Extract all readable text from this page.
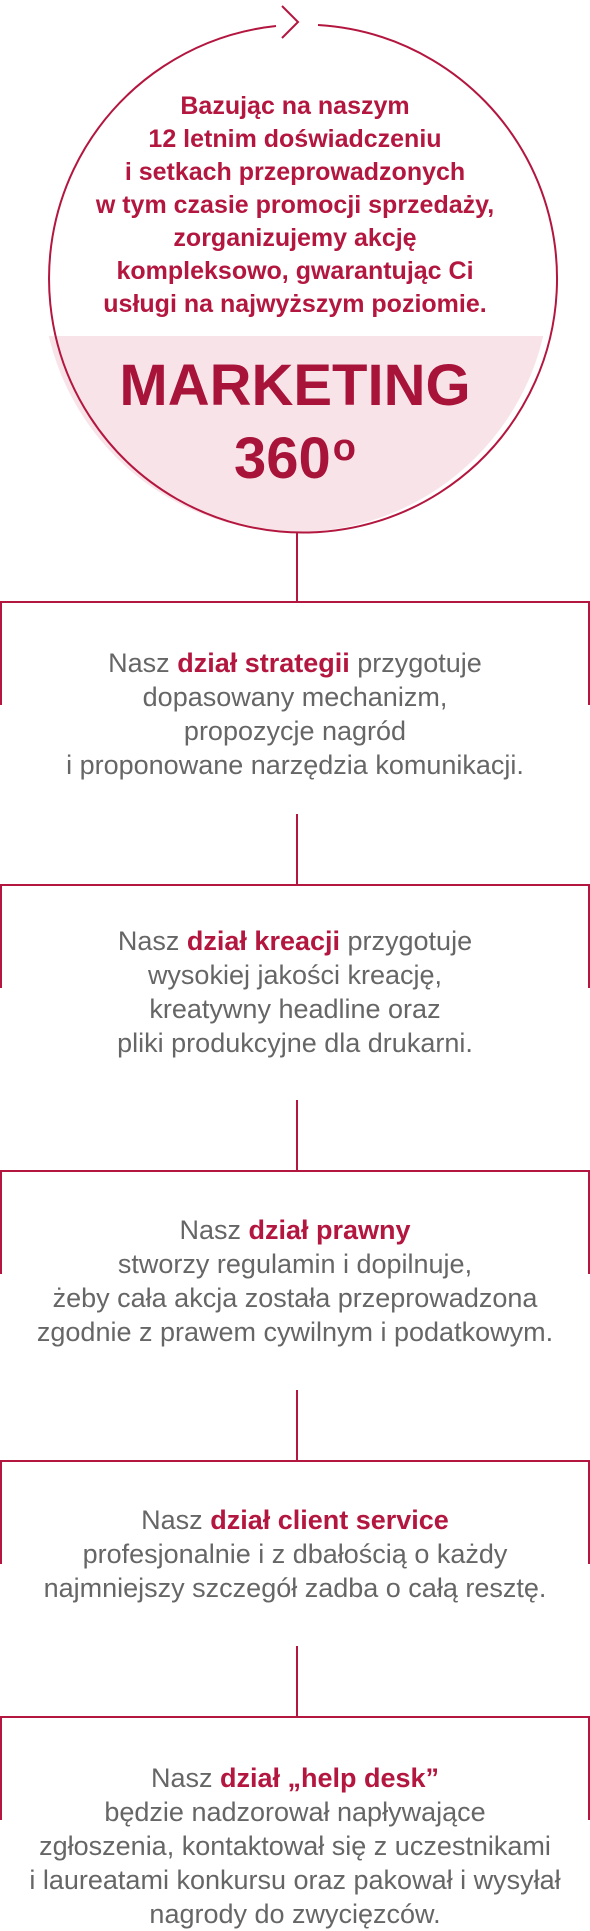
Bazując na naszym
12 letnim doświadczeniu
i setkach przeprowadzonych
w tym czasie promocji sprzedaży,
zorganizujemy akcję
kompleksowo, gwarantując Ci
usługi na najwyższym poziomie.
MARKETING
360$^o$
Nasz dział strategii przygotuje
dopasowany mechanizm,
propozycje nagród
i proponowane narzędzia komunikacji.
Nasz dział kreacji przygotuje
wysokiej jakości kreację,
kreatywny headline oraz
pliki produkcyjne dla drukarni.
Nasz dział prawny
stworzy regulamin i dopilnuje,
żeby cała akcja została przeprowadzona
zgodnie z prawem cywilnym i podatkowym.
Nasz dział client service
profesjonalnie i z dbałością o każdy
najmniejszy szczegół zadba o całą resztę.
Nasz dział „help desk”
będzie nadzorował napływające
zgłoszenia, kontaktował się z uczestnikami
i laureatami konkursu oraz pakował i wysyłał
nagrody do zwycięzców.
